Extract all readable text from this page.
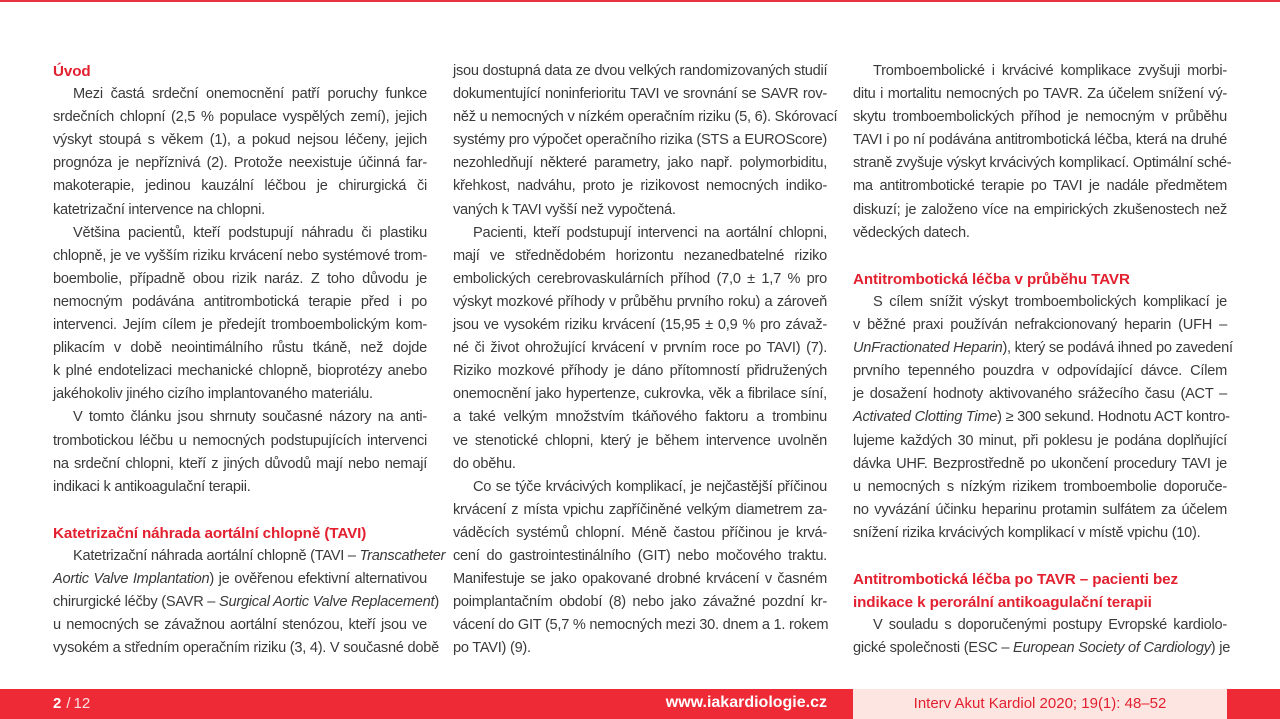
Úvod
Mezi častá srdeční onemocnění patří poruchy funkce
srdečních chlopní (2,5 % populace vyspělých zemí), jejich
výskyt stoupá s věkem (1), a pokud nejsou léčeny, jejich
prognóza je nepříznivá (2). Protože neexistuje účinná far-
makoterapie, jedinou kauzální léčbou je chirurgická či
katetrizační intervence na chlopni.
Většina pacientů, kteří podstupují náhradu či plastiku
chlopně, je ve vyšším riziku krvácení nebo systémové trom-
boembolie, případně obou rizik naráz. Z toho důvodu je
nemocným podávána antitrombotická terapie před i po
intervenci. Jejím cílem je předejít tromboembolickým kom-
plikacím v době neointimálního růstu tkáně, než dojde
k plné endotelizaci mechanické chlopně, bioprotézy anebo
jakéhokoliv jiného cizího implantovaného materiálu.
V tomto článku jsou shrnuty současné názory na anti-
trombotickou léčbu u nemocných podstupujících intervenci
na srdeční chlopni, kteří z jiných důvodů mají nebo nemají
indikaci k antikoagulační terapii.
Katetrizační náhrada aortální chlopně (TAVI)
Katetrizační náhrada aortální chlopně (TAVI – Transcatheter
Aortic Valve Implantation) je ověřenou efektivní alternativou
chirurgické léčby (SAVR – Surgical Aortic Valve Replacement)
u nemocných se závažnou aortální stenózou, kteří jsou ve
vysokém a středním operačním riziku (3, 4). V současné době
jsou dostupná data ze dvou velkých randomizovaných studií
dokumentující noninferioritu TAVI ve srovnání se SAVR rov-
něž u nemocných v nízkém operačním riziku (5, 6). Skórovací
systémy pro výpočet operačního rizika (STS a EUROScore)
nezohledňují některé parametry, jako např. polymorbiditu,
křehkost, nadváhu, proto je rizikovost nemocných indiko-
vaných k TAVI vyšší než vypočtená.
Pacienti, kteří podstupují intervenci na aortální chlopni,
mají ve střednědobém horizontu nezanedbatelné riziko
embolických cerebrovaskulárních příhod (7,0 ± 1,7 % pro
výskyt mozkové příhody v průběhu prvního roku) a zároveň
jsou ve vysokém riziku krvácení (15,95 ± 0,9 % pro závaž-
né či život ohrožující krvácení v prvním roce po TAVI) (7).
Riziko mozkové příhody je dáno přítomností přidružených
onemocnění jako hypertenze, cukrovka, věk a fibrilace síní,
a také velkým množstvím tkáňového faktoru a trombinu
ve stenotické chlopni, který je během intervence uvolněn
do oběhu.
Co se týče krvácivých komplikací, je nejčastější příčinou
krvácení z místa vpichu zapříčiněné velkým diametrem za-
váděcích systémů chlopní. Méně častou příčinou je krvá-
cení do gastrointestinálního (GIT) nebo močového traktu.
Manifestuje se jako opakované drobné krvácení v časném
poimplantačním období (8) nebo jako závažné pozdní kr-
vácení do GIT (5,7 % nemocných mezi 30. dnem a 1. rokem
po TAVI) (9).
Tromboembolické i krvácivé komplikace zvyšuji morbi-
ditu i mortalitu nemocných po TAVR. Za účelem snížení vý-
skytu tromboembolických příhod je nemocným v průběhu
TAVI i po ní podávána antitrombotická léčba, která na druhé
straně zvyšuje výskyt krvácivých komplikací. Optimální sché-
ma antitrombotické terapie po TAVI je nadále předmětem
diskuzí; je založeno více na empirických zkušenostech než
vědeckých datech.
Antitrombotická léčba v průběhu TAVR
S cílem snížit výskyt tromboembolických komplikací je
v běžné praxi používán nefrakcionovaný heparin (UFH –
UnFractionated Heparin), který se podává ihned po zavedení
prvního tepenného pouzdra v odpovídající dávce. Cílem
je dosažení hodnoty aktivovaného srážecího času (ACT –
Activated Clotting Time) ≥ 300 sekund. Hodnotu ACT kontro-
lujeme každých 30 minut, při poklesu je podána doplňující
dávka UHF. Bezprostředně po ukončení procedury TAVI je
u nemocných s nízkým rizikem tromboembolie doporuče-
no vyvázání účinku heparinu protamin sulfátem za účelem
snížení rizika krvácivých komplikací v místě vpichu (10).
Antitrombotická léčba po TAVR – pacienti bez
indikace k perorální antikoagulační terapii
V souladu s doporučenými postupy Evropské kardiolo-
gické společnosti (ESC – European Society of Cardiology) je
2 / 12	www.iakardiologie.cz	Interv Akut Kardiol 2020; 19(1): 48–52
